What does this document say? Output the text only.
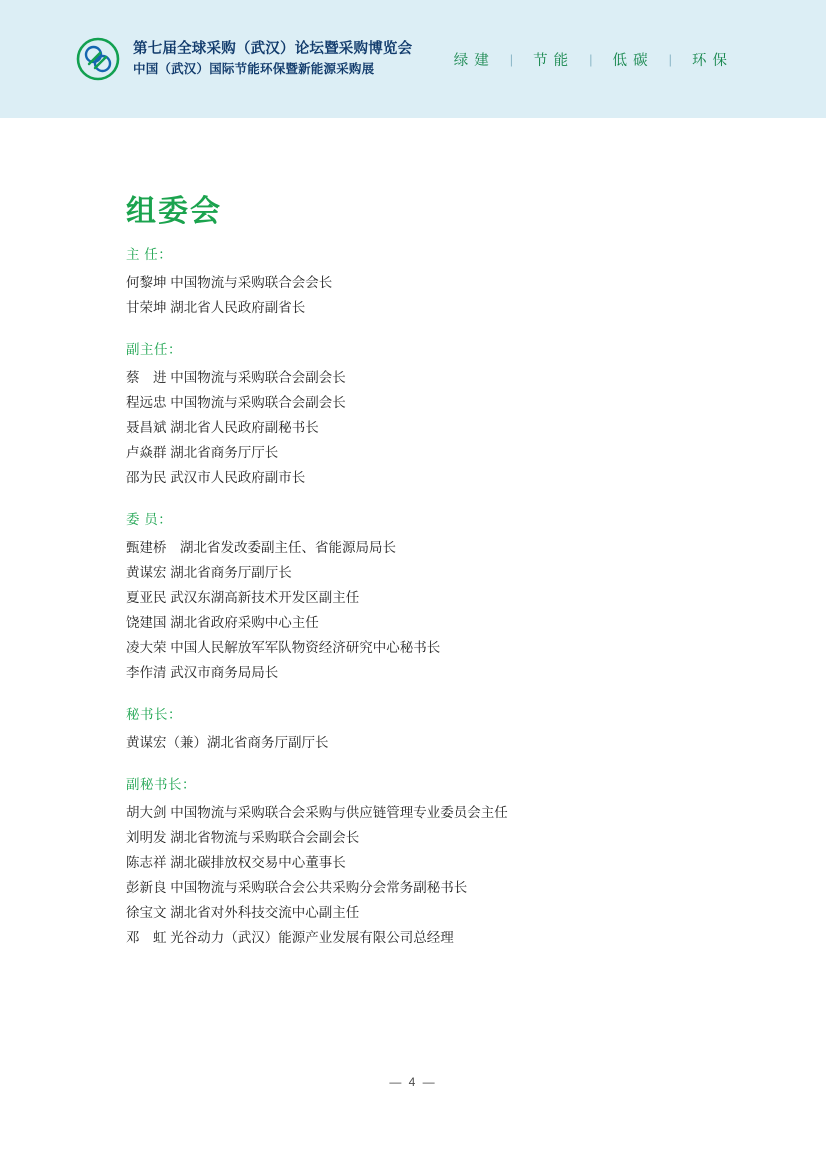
第七届全球采购（武汉）论坛暨采购博览会
中国（武汉）国际节能环保暨新能源采购展
绿 建	|	节 能	|	低 碳	|	环 保
组委会
主 任：
何黎坤 中国物流与采购联合会会长
甘荣坤 湖北省人民政府副省长
副主任：
蔡　进 中国物流与采购联合会副会长
程远忠 中国物流与采购联合会副会长
聂昌斌 湖北省人民政府副秘书长
卢焱群 湖北省商务厅厅长
邵为民 武汉市人民政府副市长
委 员：
甄建桥　湖北省发改委副主任、省能源局局长
黄谋宏 湖北省商务厅副厅长
夏亚民 武汉东湖高新技术开发区副主任
饶建国 湖北省政府采购中心主任
凌大荣 中国人民解放军军队物资经济研究中心秘书长
李作清 武汉市商务局局长
秘书长：
黄谋宏（兼）湖北省商务厅副厅长
副秘书长：
胡大剑 中国物流与采购联合会采购与供应链管理专业委员会主任
刘明发 湖北省物流与采购联合会副会长
陈志祥 湖北碳排放权交易中心董事长
彭新良 中国物流与采购联合会公共采购分会常务副秘书长
徐宝文 湖北省对外科技交流中心副主任
邓　虹 光谷动力（武汉）能源产业发展有限公司总经理
— 4 —
